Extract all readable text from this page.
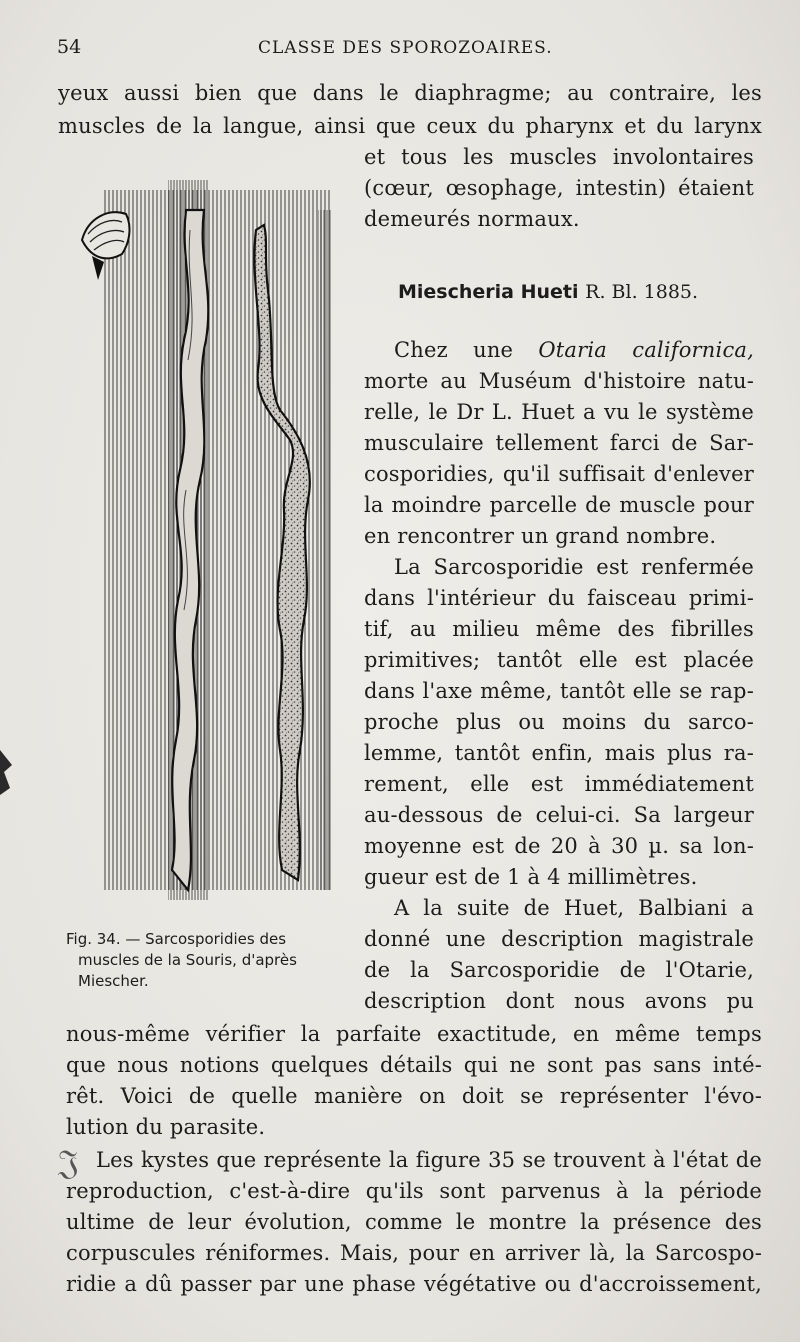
54	CLASSE DES SPOROZOAIRES.
yeux aussi bien que dans le diaphragme; au contraire, les
muscles de la langue, ainsi que ceux du pharynx et du larynx
et tous les muscles involontaires
(cœur, œsophage, intestin) étaient
demeurés normaux.
Miescheria Hueti R. Bl. 1885.
Chez une Otaria californica,
morte au Muséum d'histoire natu-
relle, le Dr L. Huet a vu le système
musculaire tellement farci de Sar-
cosporidies, qu'il suffisait d'enlever
la moindre parcelle de muscle pour
en rencontrer un grand nombre.
La Sarcosporidie est renfermée
dans l'intérieur du faisceau primi-
tif, au milieu même des fibrilles
primitives; tantôt elle est placée
dans l'axe même, tantôt elle se rap-
proche plus ou moins du sarco-
lemme, tantôt enfin, mais plus ra-
rement, elle est immédiatement
au-dessous de celui-ci. Sa largeur
moyenne est de 20 à 30 µ. sa lon-
gueur est de 1 à 4 millimètres.
A la suite de Huet, Balbiani a
donné une description magistrale
de la Sarcosporidie de l'Otarie,
description dont nous avons pu
nous-même vérifier la parfaite exactitude, en même temps
que nous notions quelques détails qui ne sont pas sans inté-
rêt. Voici de quelle manière on doit se représenter l'évo-
lution du parasite.
Les kystes que représente la figure 35 se trouvent à l'état de
reproduction, c'est-à-dire qu'ils sont parvenus à la période
ultime de leur évolution, comme le montre la présence des
corpuscules réniformes. Mais, pour en arriver là, la Sarcospo-
ridie a dû passer par une phase végétative ou d'accroissement,
𝔍
Fig. 34. — Sarcosporidies des
muscles de la Souris, d'après
Miescher.
